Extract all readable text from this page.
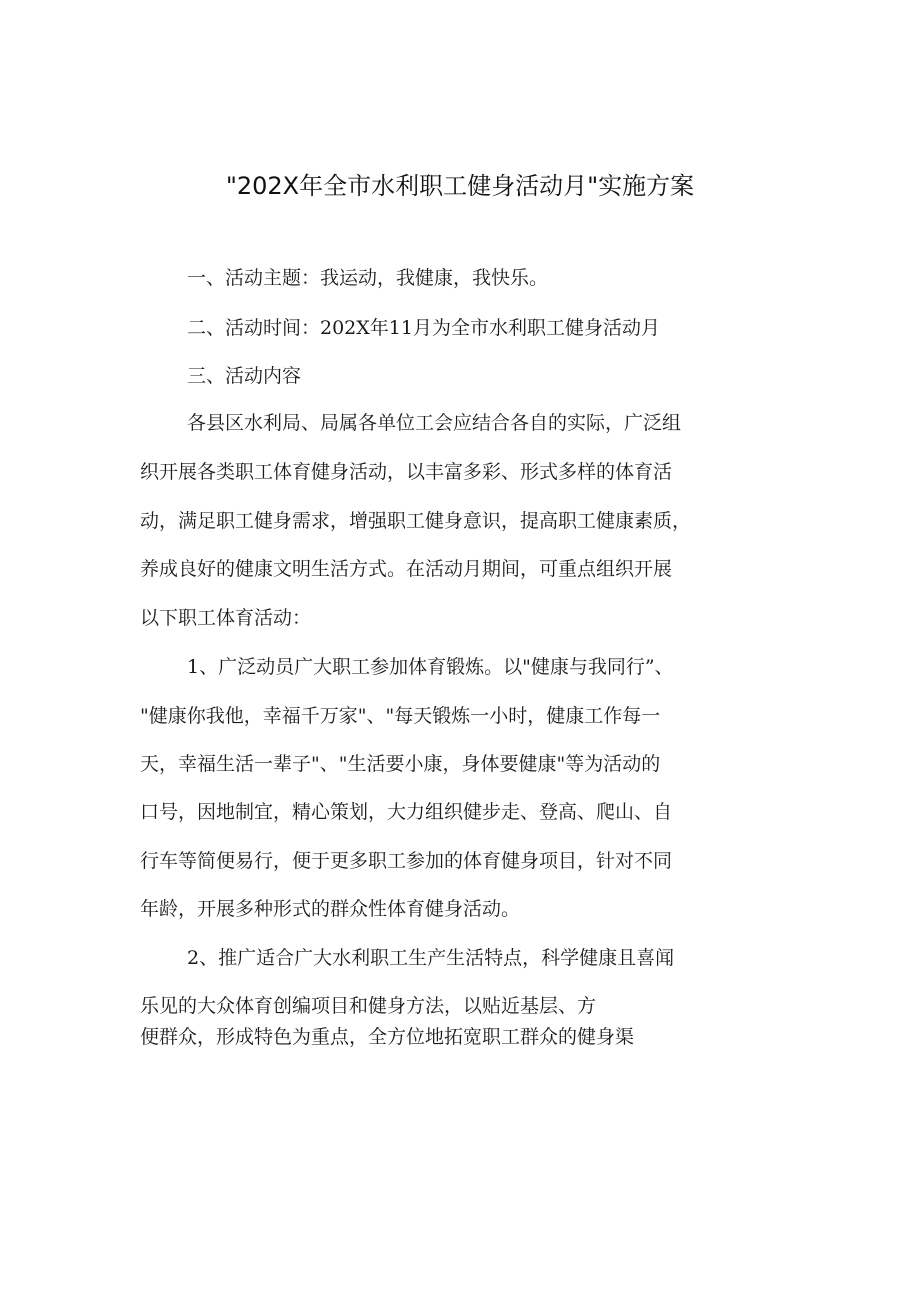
"202X年全市水利职工健身活动月"实施方案
一、活动主题：我运动，我健康，我快乐。
二、活动时间：202X年11月为全市水利职工健身活动月
三、活动内容
各县区水利局、局属各单位工会应结合各自的实际，广泛组
织开展各类职工体育健身活动，以丰富多彩、形式多样的体育活
动，满足职工健身需求，增强职工健身意识，提高职工健康素质，
养成良好的健康文明生活方式。在活动月期间，可重点组织开展
以下职工体育活动：
1、广泛动员广大职工参加体育锻炼。以"健康与我同行”、
"健康你我他，幸福千万家"、"每天锻炼一小时，健康工作每一
天，幸福生活一辈子"、"生活要小康，身体要健康"等为活动的
口号，因地制宜，精心策划，大力组织健步走、登高、爬山、自
行车等简便易行，便于更多职工参加的体育健身项目，针对不同
年龄，开展多种形式的群众性体育健身活动。
2、推广适合广大水利职工生产生活特点，科学健康且喜闻
乐见的大众体育创编项目和健身方法，以贴近基层、方
便群众，形成特色为重点，全方位地拓宽职工群众的健身渠
